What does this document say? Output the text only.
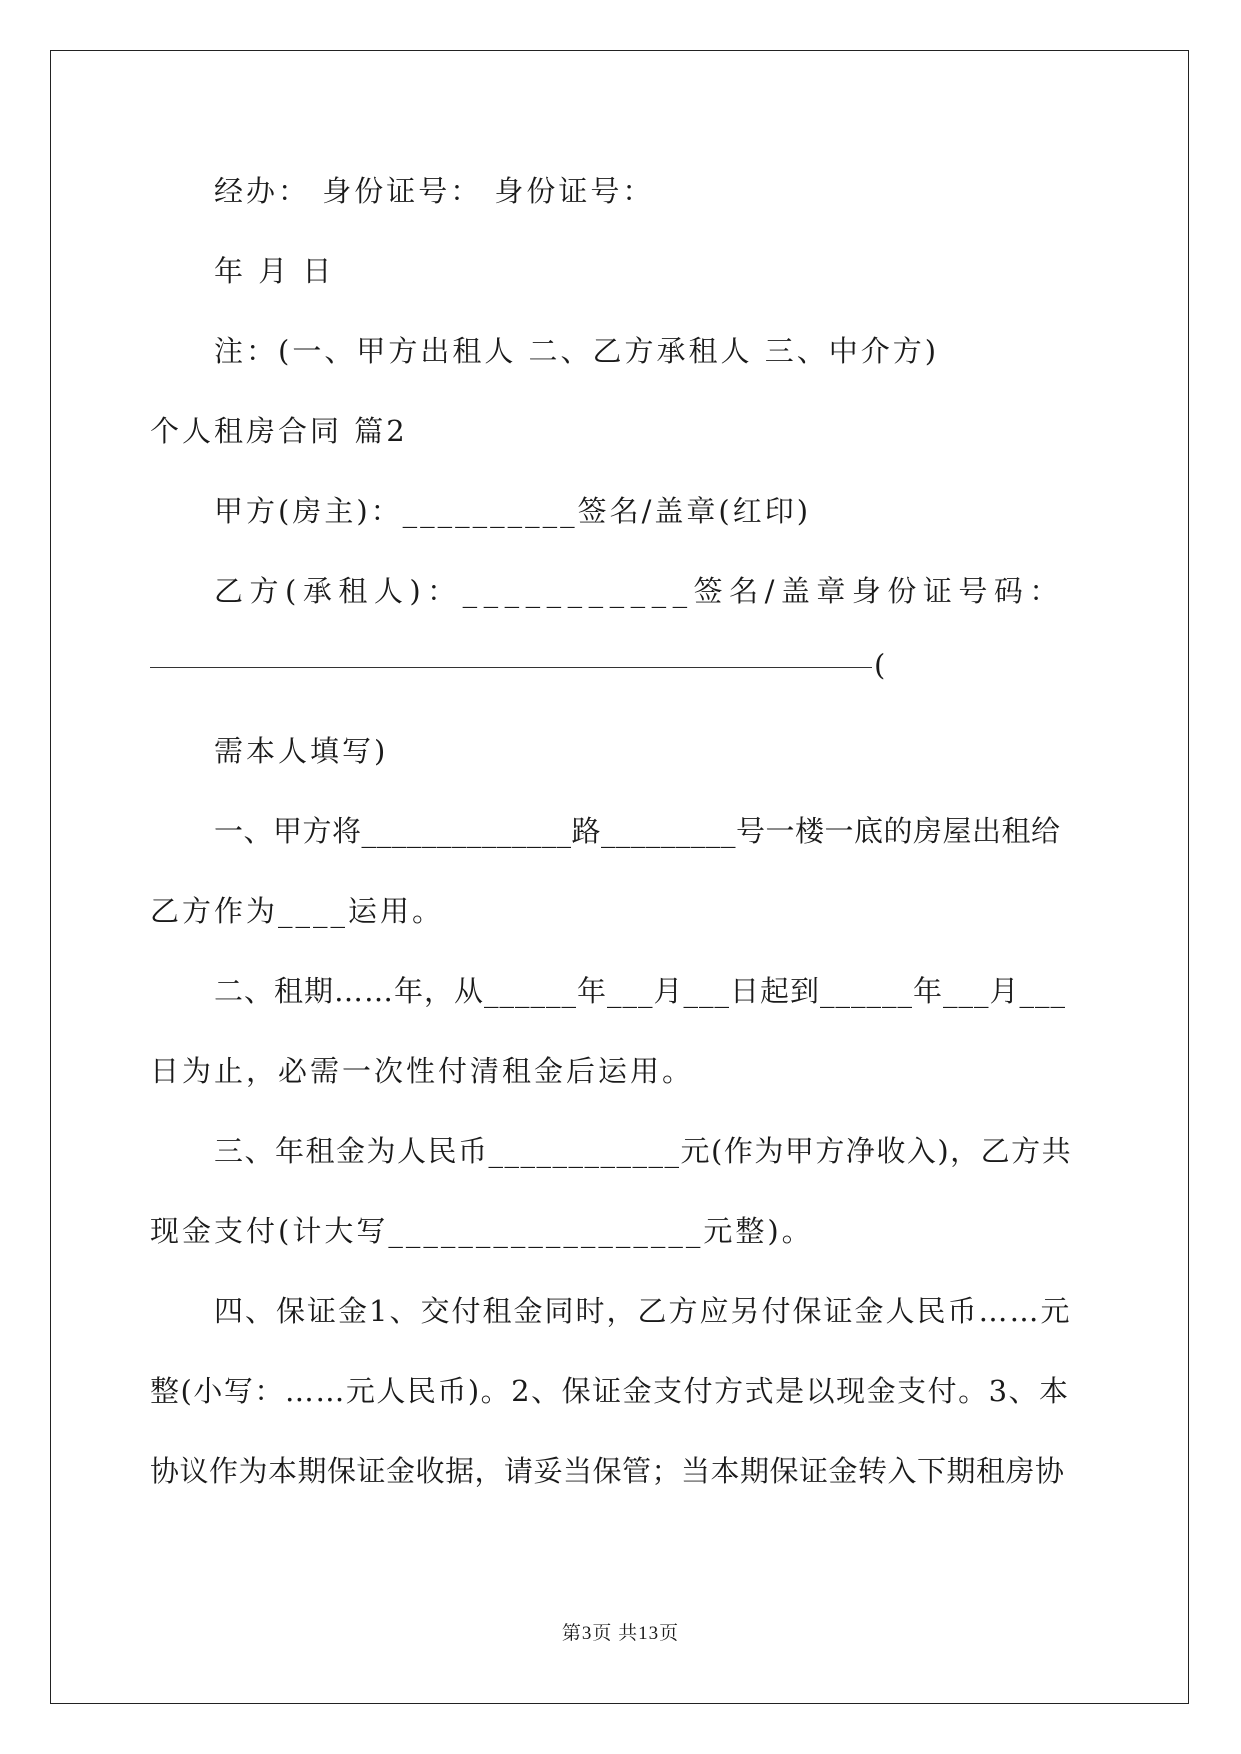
经办： 身份证号： 身份证号：

年 月 日

注：(一、甲方出租人 二、乙方承租人 三、中介方)

个人租房合同 篇2

甲方(房主)：__________签名/盖章(红印)

乙方(承租人)：___________签名/盖章身份证号码：

(

需本人填写)

一、甲方将______________路_________号一楼一底的房屋出租给

乙方作为____运用。

二、租期……年，从______年___月___日起到______年___月___

日为止，必需一次性付清租金后运用。

三、年租金为人民币____________元(作为甲方净收入)，乙方共

现金支付(计大写__________________元整)。

四、保证金1、交付租金同时，乙方应另付保证金人民币……元

整(小写：……元人民币)。2、保证金支付方式是以现金支付。3、本

协议作为本期保证金收据，请妥当保管；当本期保证金转入下期租房协

第3页 共13页
